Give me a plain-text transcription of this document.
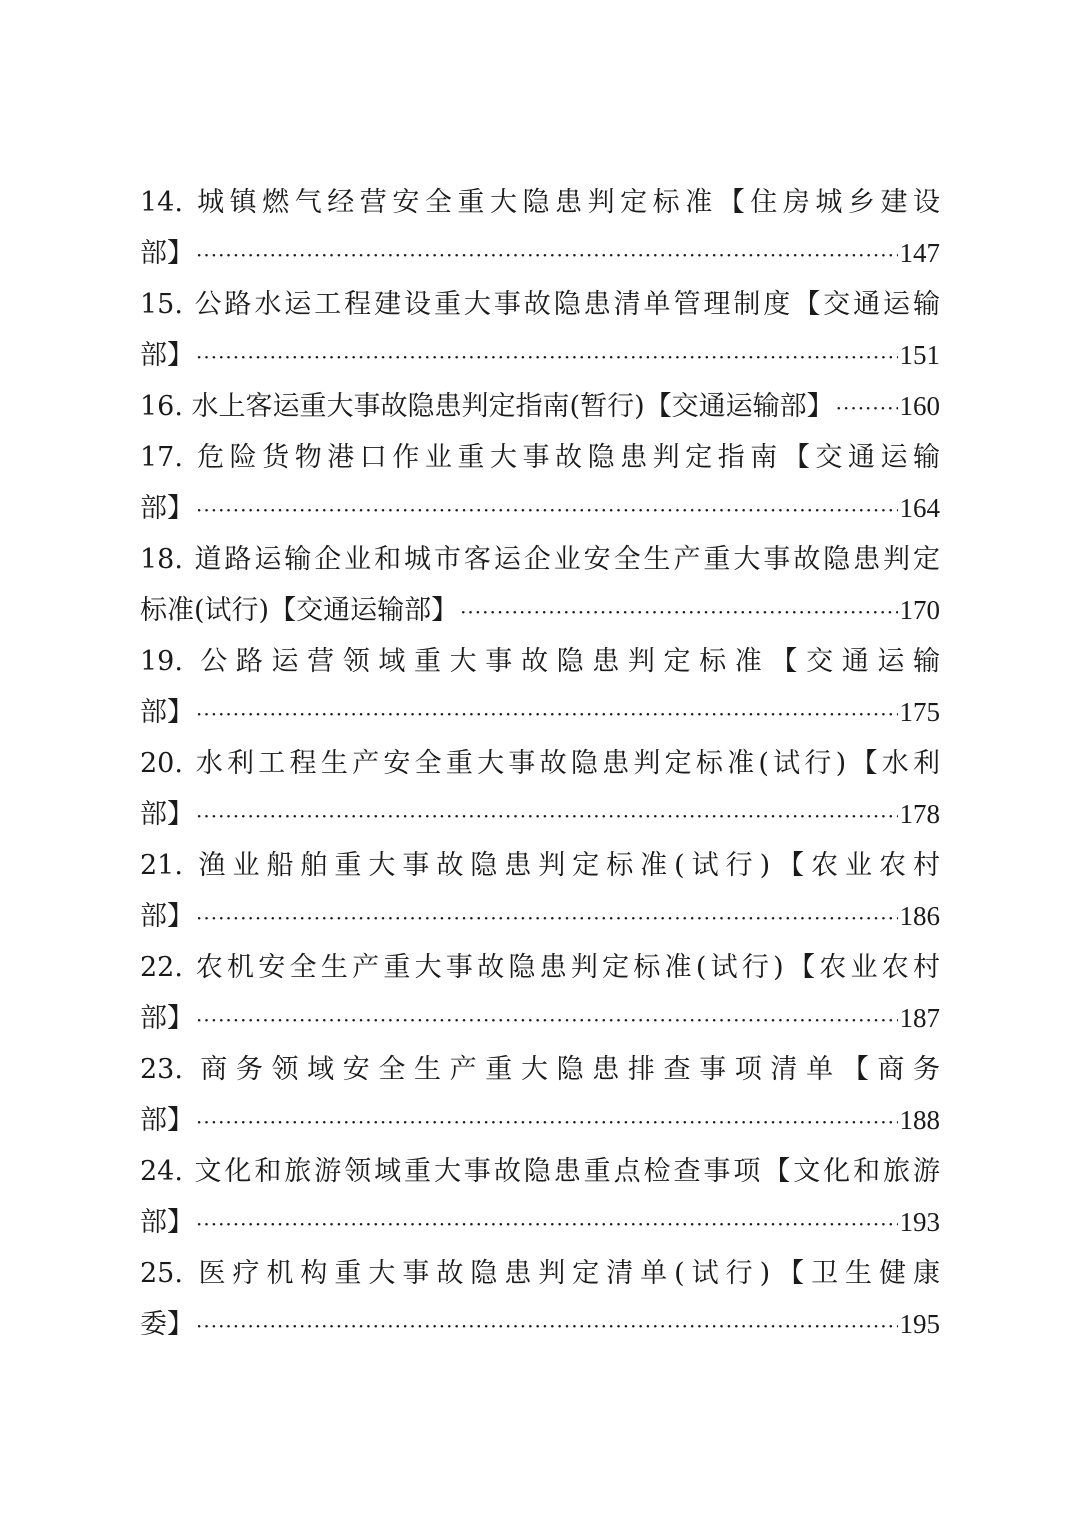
14. 城镇燃气经营安全重大隐患判定标准【住房城乡建设
部】 ·····	147
15. 公路水运工程建设重大事故隐患清单管理制度【交通运输
部】 ·····	151
16. 水上客运重大事故隐患判定指南(暂行)【交通运输部】 ····· 160
17. 危险货物港口作业重大事故隐患判定指南【交通运输
部】 ·····	164
18. 道路运输企业和城市客运企业安全生产重大事故隐患判定
标准(试行)【交通运输部】 ·····	170
19. 公路运营领域重大事故隐患判定标准【交通运输
部】 ·····	175
20. 水利工程生产安全重大事故隐患判定标准(试行)【水利
部】 ·····	178
21. 渔业船舶重大事故隐患判定标准(试行)【农业农村
部】 ·····	186
22. 农机安全生产重大事故隐患判定标准(试行)【农业农村
部】 ·····	187
23. 商务领域安全生产重大隐患排查事项清单【商务
部】 ·····	188
24. 文化和旅游领域重大事故隐患重点检查事项【文化和旅游
部】 ·····	193
25. 医疗机构重大事故隐患判定清单(试行)【卫生健康
委】 ·····	195
